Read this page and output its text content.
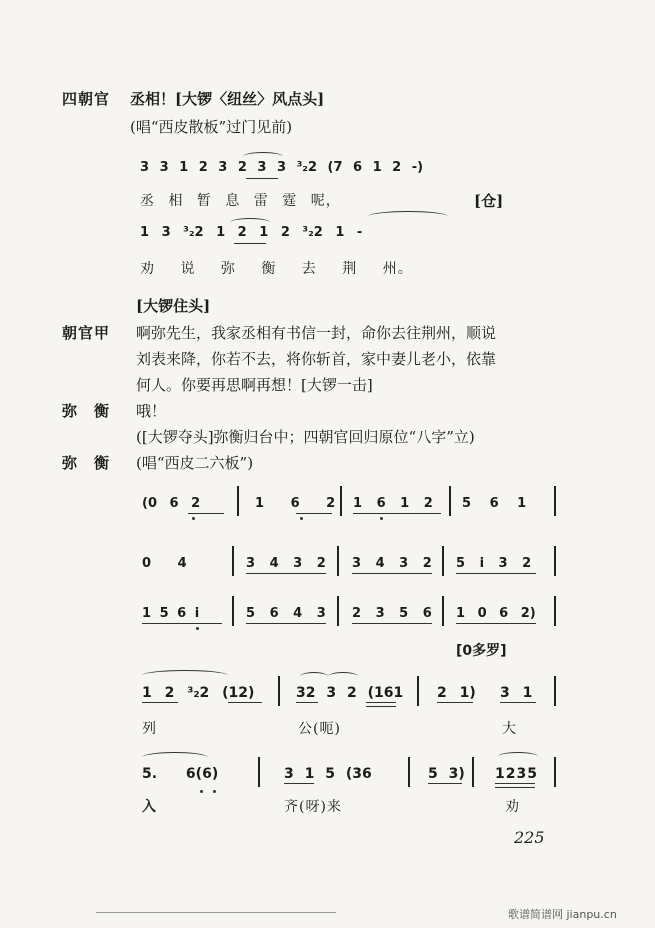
四朝官 丞相！[大锣〈纽丝〉风点头]
(唱“西皮散板”过门见前)
3 3 1 2 3 2 3 3 ³₂2 (7 6 1 2 -)
丞 相 暂 息 雷 霆 呢，	[仓]
1 3 ³₂2 1 2 1 2 ³₂2 1 -
劝 说 弥 衡 去 荆 州。
[大锣住头]
朝官甲 啊弥先生，我家丞相有书信一封，命你去往荆州，顺说
刘表来降，你若不去，将你斩首，家中妻儿老小，依靠
何人。你要再思啊再想！[大锣一击]
弥　衡 哦！
([大锣夺头]弥衡归台中；四朝官回归原位“八字”立)
弥　衡 (唱“西皮二六板”)
(0 6 2	1 6 2 1 6 1 2 5 6 1
0 4	3 4 3 2 3 4 3 2 5 i 3 2
1 5 6 i	5 6 4 3 2 3 5 6 1 0 6 2)
[0多罗]
1 2 ³₂2 (12)	32 3 2 (161 2 1) 3 1
列	公(呃)	大
5. 6(6)	3 1 5 (36	5 3) 1235
入	齐(呀)来	劝
225
歌谱简谱网 jianpu.cn
